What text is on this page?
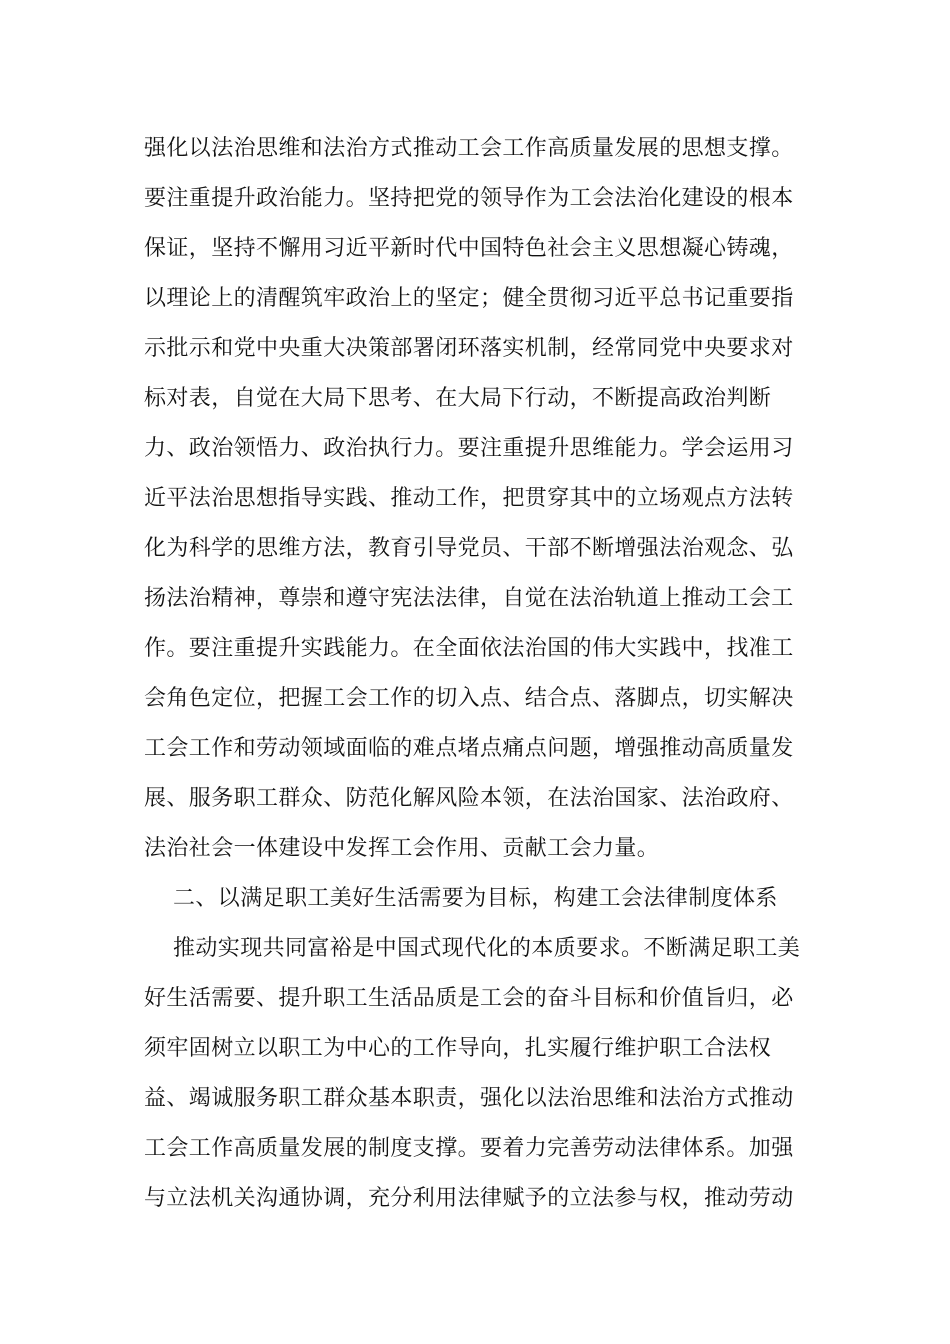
强化以法治思维和法治方式推动工会工作高质量发展的思想支撑。
要注重提升政治能力。坚持把党的领导作为工会法治化建设的根本
保证，坚持不懈用习近平新时代中国特色社会主义思想凝心铸魂，
以理论上的清醒筑牢政治上的坚定；健全贯彻习近平总书记重要指
示批示和党中央重大决策部署闭环落实机制，经常同党中央要求对
标对表，自觉在大局下思考、在大局下行动，不断提高政治判断
力、政治领悟力、政治执行力。要注重提升思维能力。学会运用习
近平法治思想指导实践、推动工作，把贯穿其中的立场观点方法转
化为科学的思维方法，教育引导党员、干部不断增强法治观念、弘
扬法治精神，尊崇和遵守宪法法律，自觉在法治轨道上推动工会工
作。要注重提升实践能力。在全面依法治国的伟大实践中，找准工
会角色定位，把握工会工作的切入点、结合点、落脚点，切实解决
工会工作和劳动领域面临的难点堵点痛点问题，增强推动高质量发
展、服务职工群众、防范化解风险本领，在法治国家、法治政府、
法治社会一体建设中发挥工会作用、贡献工会力量。
二、以满足职工美好生活需要为目标，构建工会法律制度体系
推动实现共同富裕是中国式现代化的本质要求。不断满足职工美
好生活需要、提升职工生活品质是工会的奋斗目标和价值旨归，必
须牢固树立以职工为中心的工作导向，扎实履行维护职工合法权
益、竭诚服务职工群众基本职责，强化以法治思维和法治方式推动
工会工作高质量发展的制度支撑。要着力完善劳动法律体系。加强
与立法机关沟通协调，充分利用法律赋予的立法参与权，推动劳动
